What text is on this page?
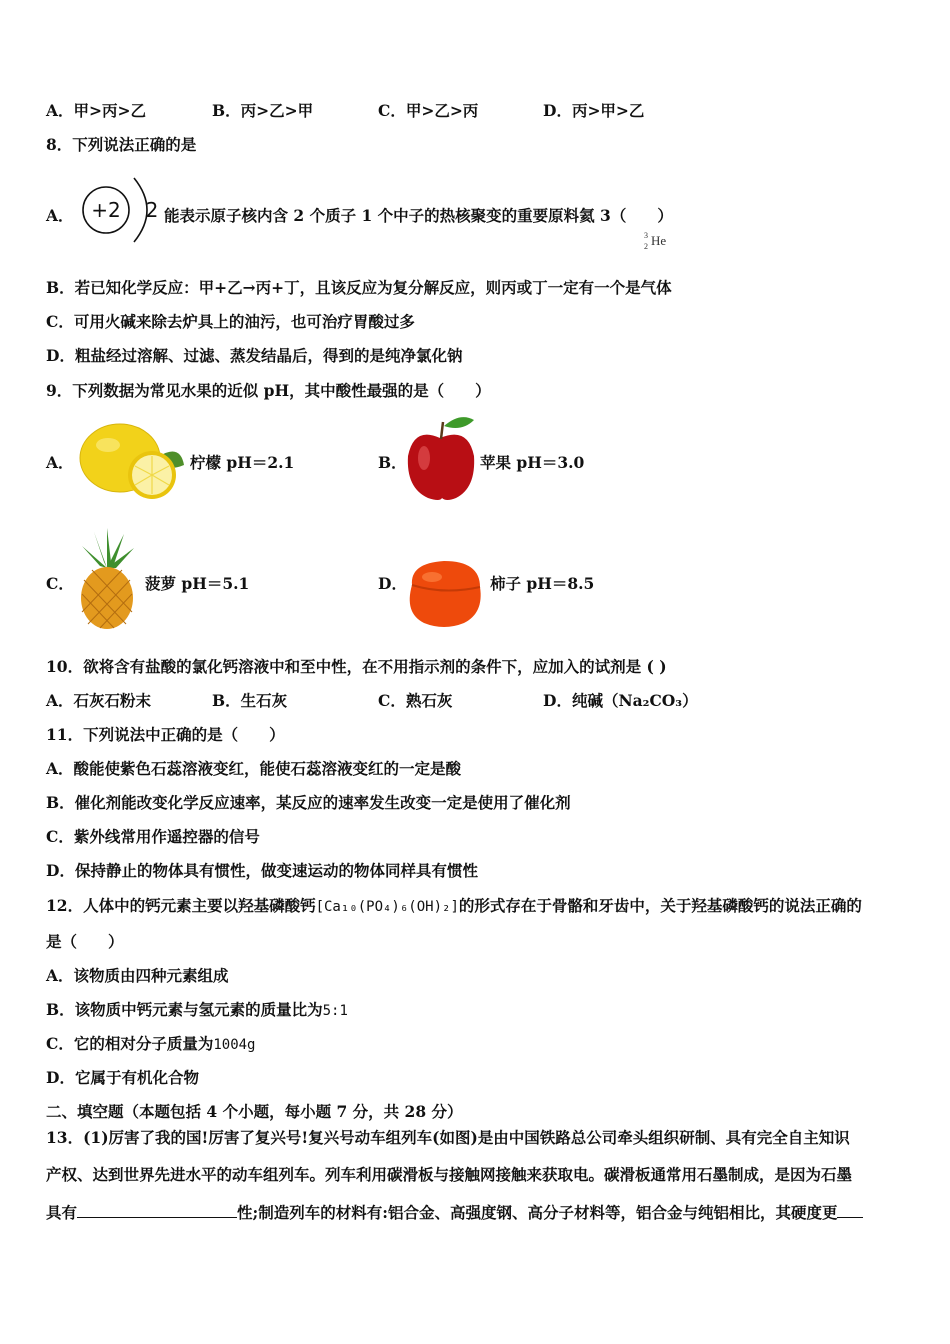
A．甲>丙>乙	B．丙>乙>甲	C．甲>乙>丙	D．丙>甲>乙
8．下列说法正确的是
A． +2 2 能表示原子核内含 2 个质子 1 个中子的热核聚变的重要原料氦 3（　　）
3
2 He
B．若已知化学反应：甲+乙→丙+丁，且该反应为复分解反应，则丙或丁一定有一个是气体
C．可用火碱来除去炉具上的油污，也可治疗胃酸过多
D．粗盐经过溶解、过滤、蒸发结晶后，得到的是纯净氯化钠
9．下列数据为常见水果的近似 pH，其中酸性最强的是（　　）
A．	柠檬 pH＝2.1	B．	苹果 pH＝3.0
C．	菠萝 pH＝5.1	D．	柿子 pH＝8.5
10．欲将含有盐酸的氯化钙溶液中和至中性，在不用指示剂的条件下，应加入的试剂是 ( )
A．石灰石粉末	B．生石灰	C．熟石灰	D．纯碱（Na₂CO₃）
11．下列说法中正确的是（　　）
A．酸能使紫色石蕊溶液变红，能使石蕊溶液变红的一定是酸
B．催化剂能改变化学反应速率，某反应的速率发生改变一定是使用了催化剂
C．紫外线常用作遥控器的信号
D．保持静止的物体具有惯性，做变速运动的物体同样具有惯性
12．人体中的钙元素主要以羟基磷酸钙[Ca₁₀(PO₄)₆(OH)₂]的形式存在于骨骼和牙齿中，关于羟基磷酸钙的说法正确的
是（　　）
A．该物质由四种元素组成
B．该物质中钙元素与氢元素的质量比为5:1
C．它的相对分子质量为1004g
D．它属于有机化合物
二、填空题（本题包括 4 个小题，每小题 7 分，共 28 分）
13．(1)厉害了我的国!厉害了复兴号!复兴号动车组列车(如图)是由中国铁路总公司牵头组织研制、具有完全自主知识
产权、达到世界先进水平的动车组列车。列车利用碳滑板与接触网接触来获取电。碳滑板通常用石墨制成，是因为石墨
具有	性;制造列车的材料有:铝合金、高强度钢、高分子材料等，铝合金与纯铝相比，其硬度更
